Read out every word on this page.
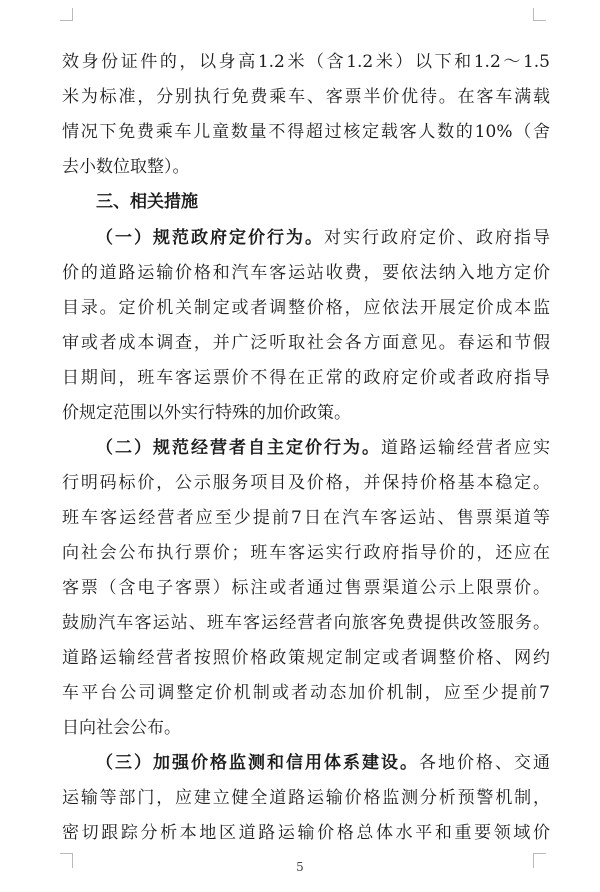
效身份证件的，以身高1.2米（含1.2米）以下和1.2～1.5
米为标准，分别执行免费乘车、客票半价优待。在客车满载
情况下免费乘车儿童数量不得超过核定载客人数的10%（舍
去小数位取整）。
三、相关措施
（一）规范政府定价行为。对实行政府定价、政府指导
价的道路运输价格和汽车客运站收费，要依法纳入地方定价
目录。定价机关制定或者调整价格，应依法开展定价成本监
审或者成本调查，并广泛听取社会各方面意见。春运和节假
日期间，班车客运票价不得在正常的政府定价或者政府指导
价规定范围以外实行特殊的加价政策。
（二）规范经营者自主定价行为。道路运输经营者应实
行明码标价，公示服务项目及价格，并保持价格基本稳定。
班车客运经营者应至少提前7日在汽车客运站、售票渠道等
向社会公布执行票价；班车客运实行政府指导价的，还应在
客票（含电子客票）标注或者通过售票渠道公示上限票价。
鼓励汽车客运站、班车客运经营者向旅客免费提供改签服务。
道路运输经营者按照价格政策规定制定或者调整价格、网约
车平台公司调整定价机制或者动态加价机制，应至少提前7
日向社会公布。
（三）加强价格监测和信用体系建设。各地价格、交通
运输等部门，应建立健全道路运输价格监测分析预警机制，
密切跟踪分析本地区道路运输价格总体水平和重要领域价
5
